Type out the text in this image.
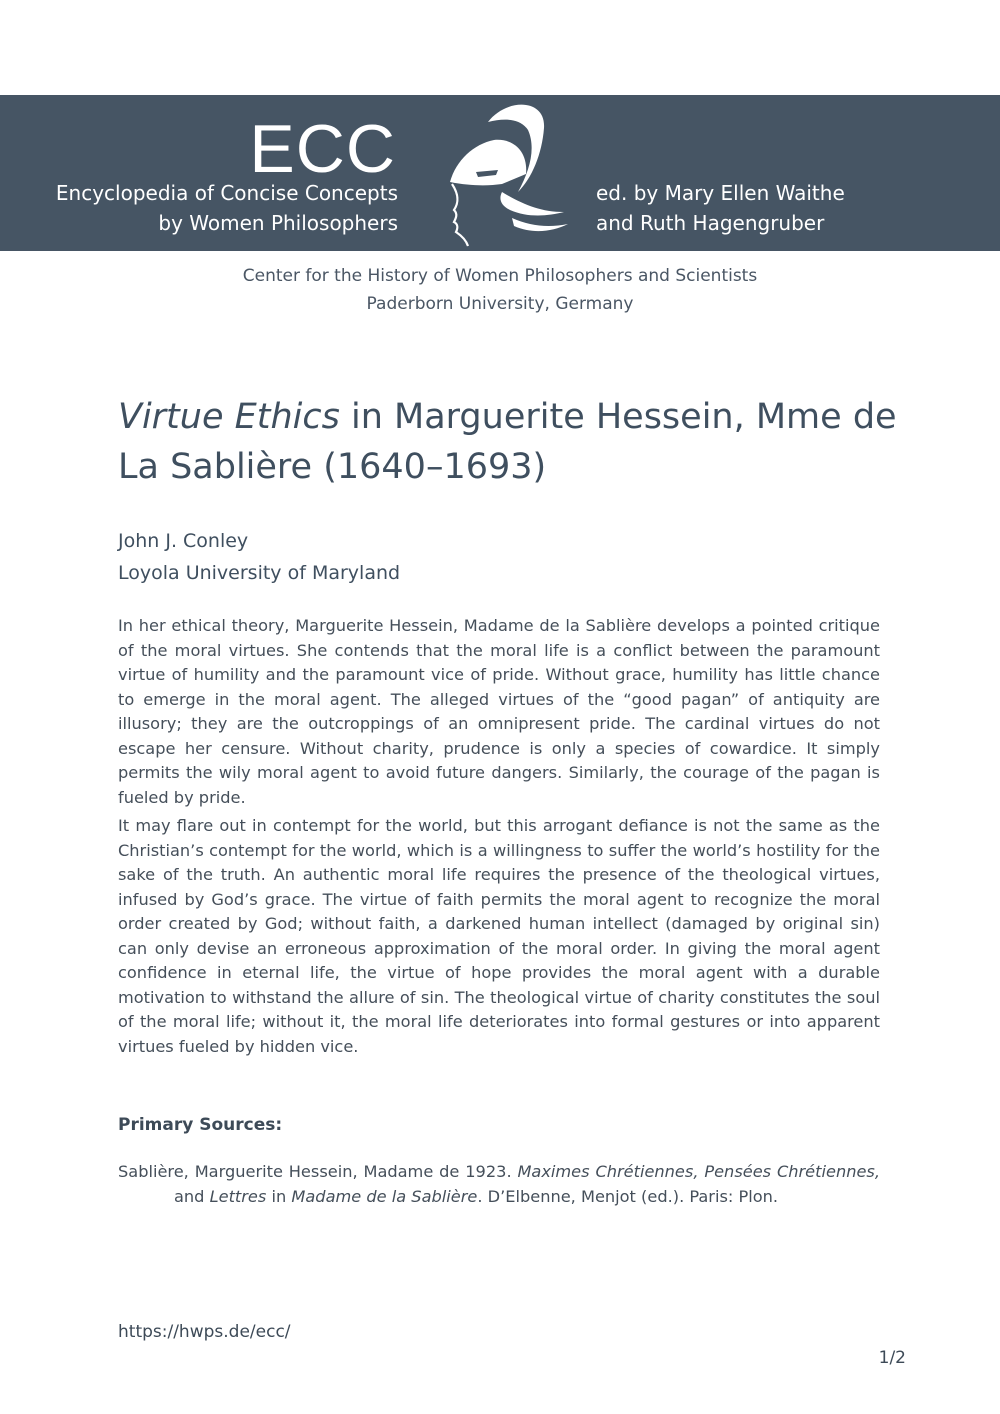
ECC
Encyclopedia of Concise Concepts
by Women Philosophers
ed. by Mary Ellen Waithe
and Ruth Hagengruber
Center for the History of Women Philosophers and Scientists
Paderborn University, Germany
Virtue Ethics in Marguerite Hessein, Mme de La Sablière (1640–1693)
John J. Conley
Loyola University of Maryland

In her ethical theory, Marguerite Hessein, Madame de la Sablière develops a pointed critique of the moral virtues. She contends that the moral life is a conflict between the paramount virtue of humility and the paramount vice of pride. Without grace, humility has little chance to emerge in the moral agent. The alleged virtues of the “good pagan” of antiquity are illusory; they are the outcroppings of an omnipresent pride. The cardinal virtues do not escape her censure. Without charity, prudence is only a species of cowardice. It simply permits the wily moral agent to avoid future dangers. Similarly, the courage of the pagan is fueled by pride.

It may flare out in contempt for the world, but this arrogant defiance is not the same as the Christian’s contempt for the world, which is a willingness to suffer the world’s hostility for the sake of the truth. An authentic moral life requires the presence of the theological virtues, infused by God’s grace. The virtue of faith permits the moral agent to recognize the moral order created by God; without faith, a darkened human intellect (damaged by original sin) can only devise an erroneous approximation of the moral order. In giving the moral agent confidence in eternal life, the virtue of hope provides the moral agent with a durable motivation to withstand the allure of sin. The theological virtue of charity constitutes the soul of the moral life; without it, the moral life deteriorates into formal gestures or into apparent virtues fueled by hidden vice.

Primary Sources:
Sablière, Marguerite Hessein, Madame de 1923. Maximes Chrétiennes, Pensées Chrétiennes, and Lettres in Madame de la Sablière. D’Elbenne, Menjot (ed.). Paris: Plon.
https://hwps.de/ecc/
1/2
